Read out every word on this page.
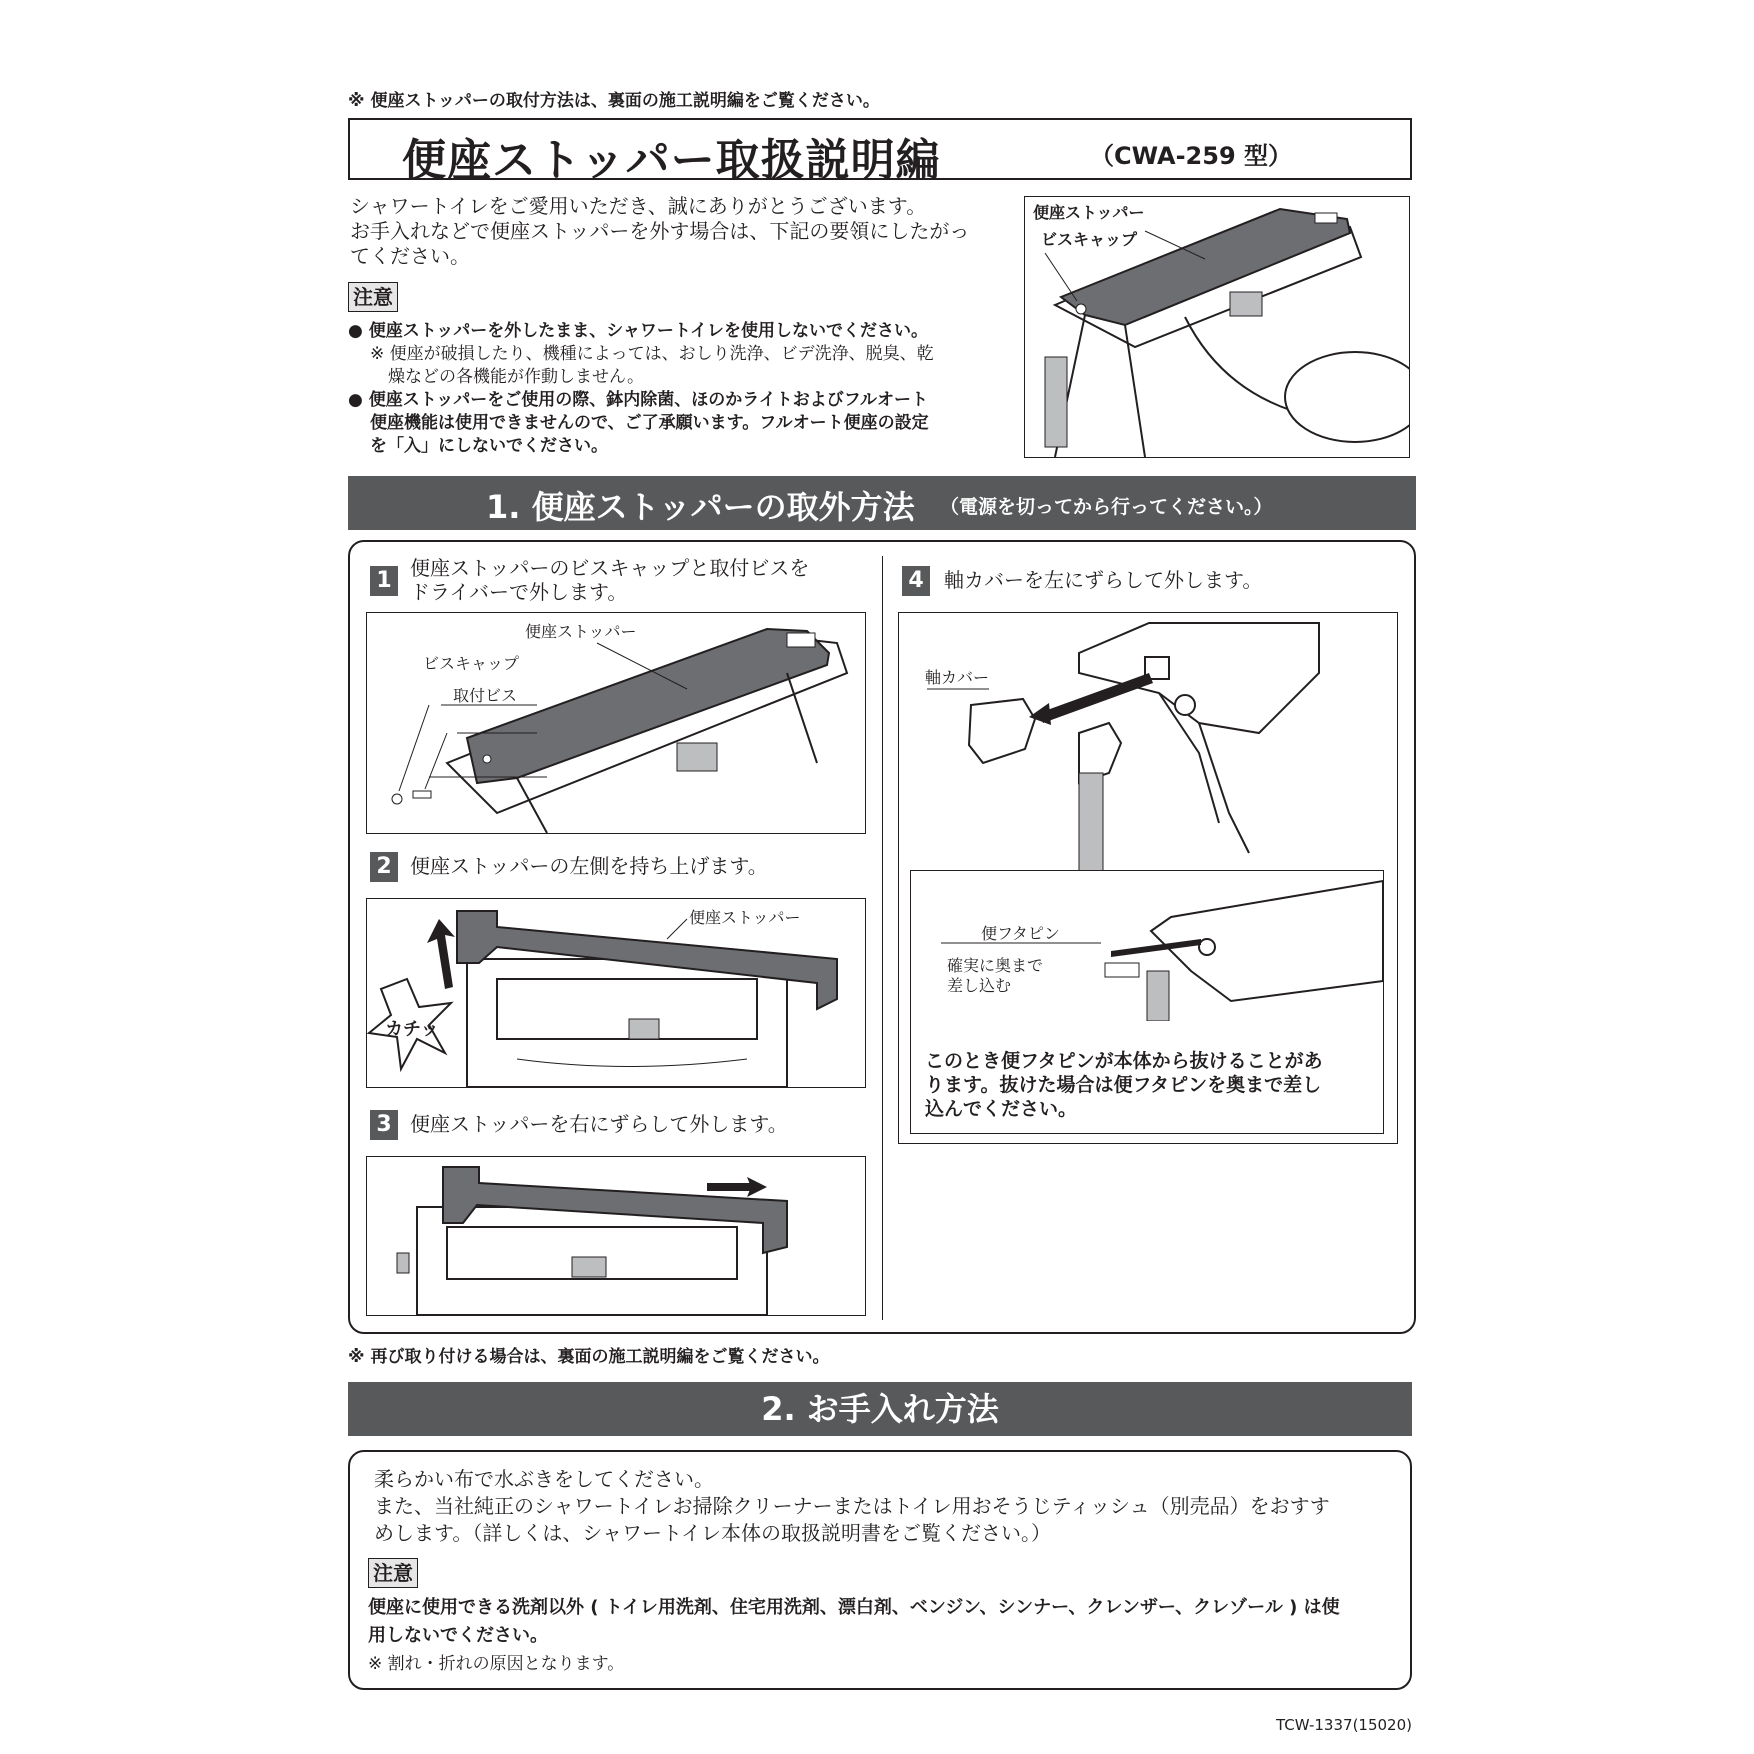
※ 便座ストッパーの取付方法は、裏面の施工説明編をご覧ください。
便座ストッパー取扱説明編	（CWA-259 型）
シャワートイレをご愛用いただき、誠にありがとうございます。
お手入れなどで便座ストッパーを外す場合は、下記の要領にしたがっ
てください。
注意
● 便座ストッパーを外したまま、シャワートイレを使用しないでください。
※ 便座が破損したり、機種によっては、おしり洗浄、ビデ洗浄、脱臭、乾
燥などの各機能が作動しません。
● 便座ストッパーをご使用の際、鉢内除菌、ほのかライトおよびフルオート
便座機能は使用できませんので、ご了承願います。フルオート便座の設定
を「入」にしないでください。
便座ストッパー
ビスキャップ
1. 便座ストッパーの取外方法 （電源を切ってから行ってください。）
1 便座ストッパーのビスキャップと取付ビスを
ドライバーで外します。
便座ストッパー
ビスキャップ
取付ビス
2 便座ストッパーの左側を持ち上げます。
便座ストッパー
カチッ
3 便座ストッパーを右にずらして外します。
4	軸カバーを左にずらして外します。
軸カバー
便フタピン
確実に奥まで
差し込む
このとき便フタピンが本体から抜けることがあ
ります。抜けた場合は便フタピンを奥まで差し
込んでください。
※ 再び取り付ける場合は、裏面の施工説明編をご覧ください。
2. お手入れ方法
柔らかい布で水ぶきをしてください。
また、当社純正のシャワートイレお掃除クリーナーまたはトイレ用おそうじティッシュ（別売品）をおすす
めします。（詳しくは、シャワートイレ本体の取扱説明書をご覧ください。）
注意
便座に使用できる洗剤以外 ( トイレ用洗剤、住宅用洗剤、漂白剤、ベンジン、シンナー、クレンザー、クレゾール ) は使
用しないでください。
※ 割れ・折れの原因となります。
TCW-1337(15020)
